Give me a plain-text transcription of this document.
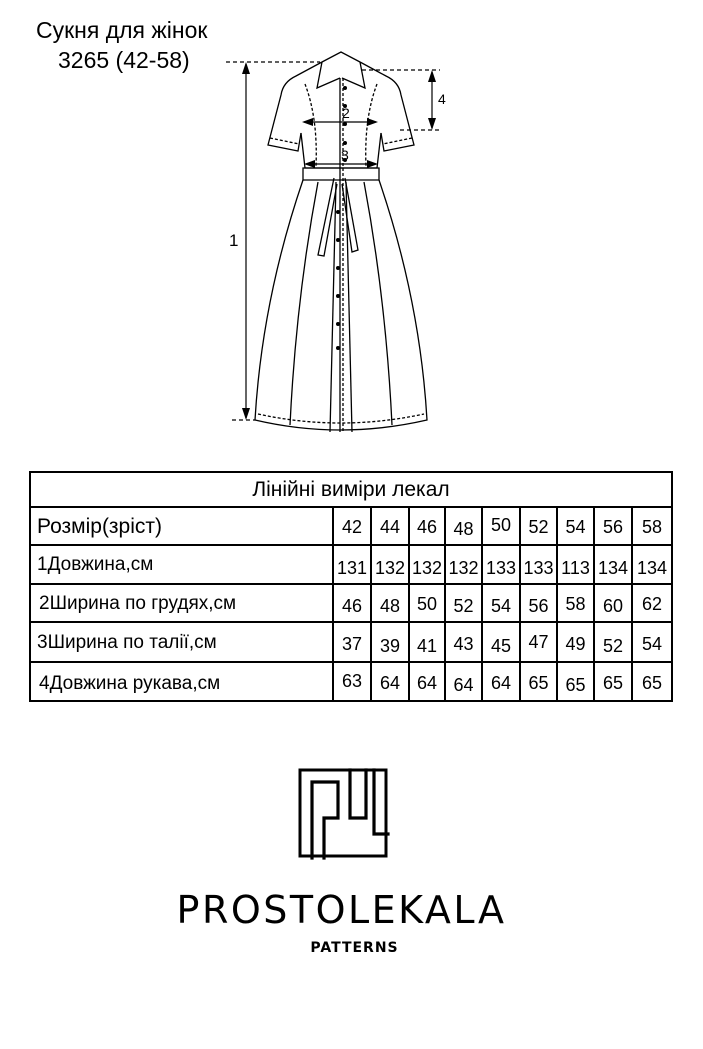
Сукня для жінок
3265 (42-58)
1
2
3
4
Лінійні виміри лекал
Розмір(зріст)	42 44 46 48 50 52 54 56	58
1Довжина,см	131 132 132 132 133 133 113 134 134
2Ширина по грудях,см	46 48 50 52 54 56 58 60	62
3Ширина по талії,см	37 39 41 43 45 47 49 52	54
4Довжина рукава,см	63 64 64 64 64 65 65 65	65
PROSTOLEKALA
PATTERNS
